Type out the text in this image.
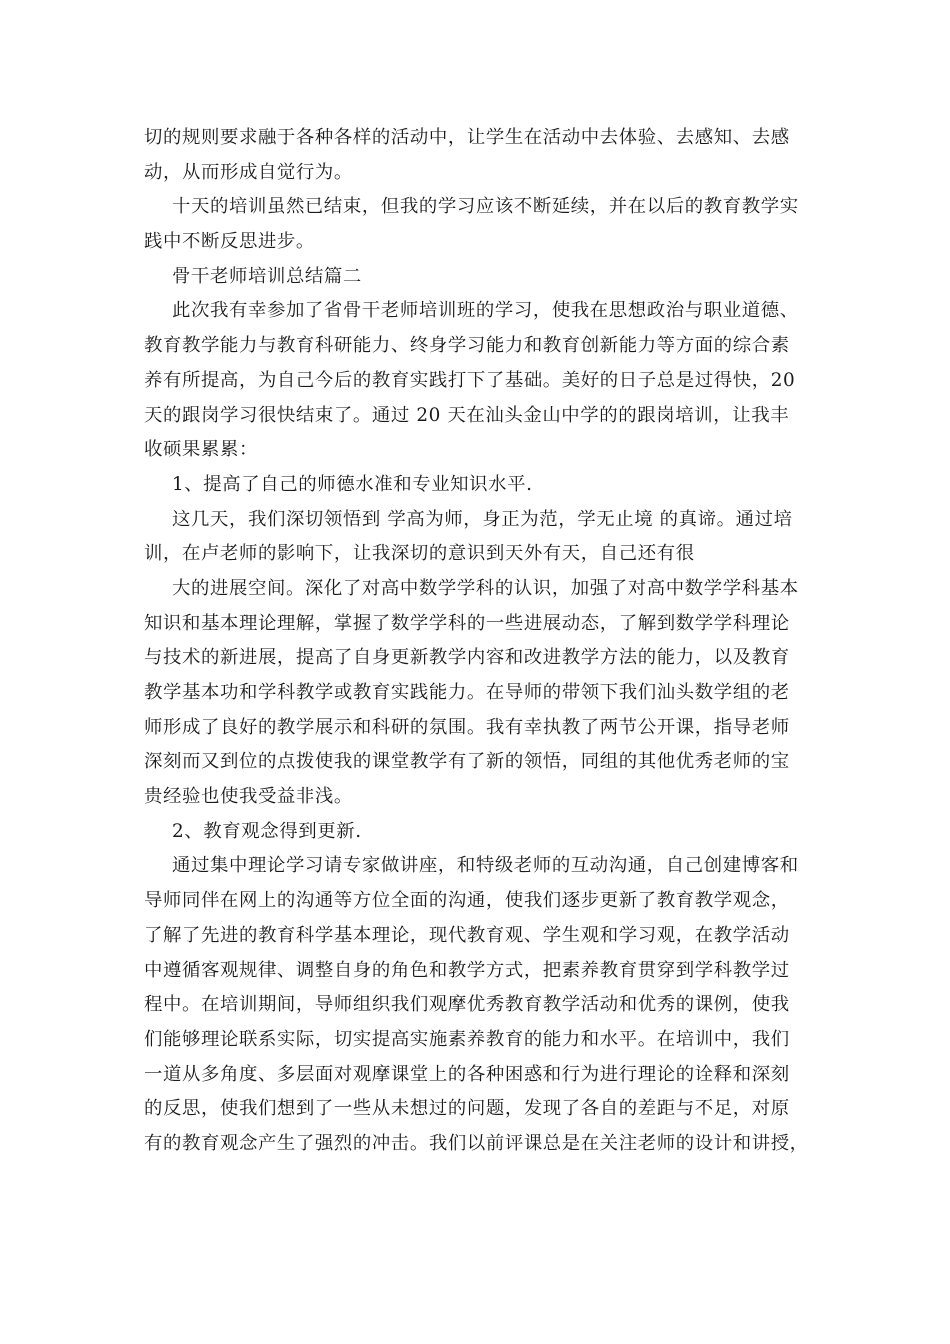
切的规则要求融于各种各样的活动中，让学生在活动中去体验、去感知、去感
动，从而形成自觉行为。
十天的培训虽然已结束，但我的学习应该不断延续，并在以后的教育教学实
践中不断反思进步。
骨干老师培训总结篇二
此次我有幸参加了省骨干老师培训班的学习，使我在思想政治与职业道德、
教育教学能力与教育科研能力、终身学习能力和教育创新能力等方面的综合素
养有所提高，为自己今后的教育实践打下了基础。美好的日子总是过得快，20
天的跟岗学习很快结束了。通过 20 天在汕头金山中学的的跟岗培训，让我丰
收硕果累累：
1、提高了自己的师德水准和专业知识水平.
这几天，我们深切领悟到 学高为师，身正为范，学无止境 的真谛。通过培
训，在卢老师的影响下，让我深切的意识到天外有天，自己还有很
大的进展空间。深化了对高中数学学科的认识，加强了对高中数学学科基本
知识和基本理论理解，掌握了数学学科的一些进展动态，了解到数学学科理论
与技术的新进展，提高了自身更新教学内容和改进教学方法的能力，以及教育
教学基本功和学科教学或教育实践能力。在导师的带领下我们汕头数学组的老
师形成了良好的教学展示和科研的氛围。我有幸执教了两节公开课，指导老师
深刻而又到位的点拨使我的课堂教学有了新的领悟，同组的其他优秀老师的宝
贵经验也使我受益非浅。
2、教育观念得到更新.
通过集中理论学习请专家做讲座，和特级老师的互动沟通，自己创建博客和
导师同伴在网上的沟通等方位全面的沟通，使我们逐步更新了教育教学观念，
了解了先进的教育科学基本理论，现代教育观、学生观和学习观，在教学活动
中遵循客观规律、调整自身的角色和教学方式，把素养教育贯穿到学科教学过
程中。在培训期间，导师组织我们观摩优秀教育教学活动和优秀的课例，使我
们能够理论联系实际，切实提高实施素养教育的能力和水平。在培训中，我们
一道从多角度、多层面对观摩课堂上的各种困惑和行为进行理论的诠释和深刻
的反思，使我们想到了一些从未想过的问题，发现了各自的差距与不足，对原
有的教育观念产生了强烈的冲击。我们以前评课总是在关注老师的设计和讲授，
